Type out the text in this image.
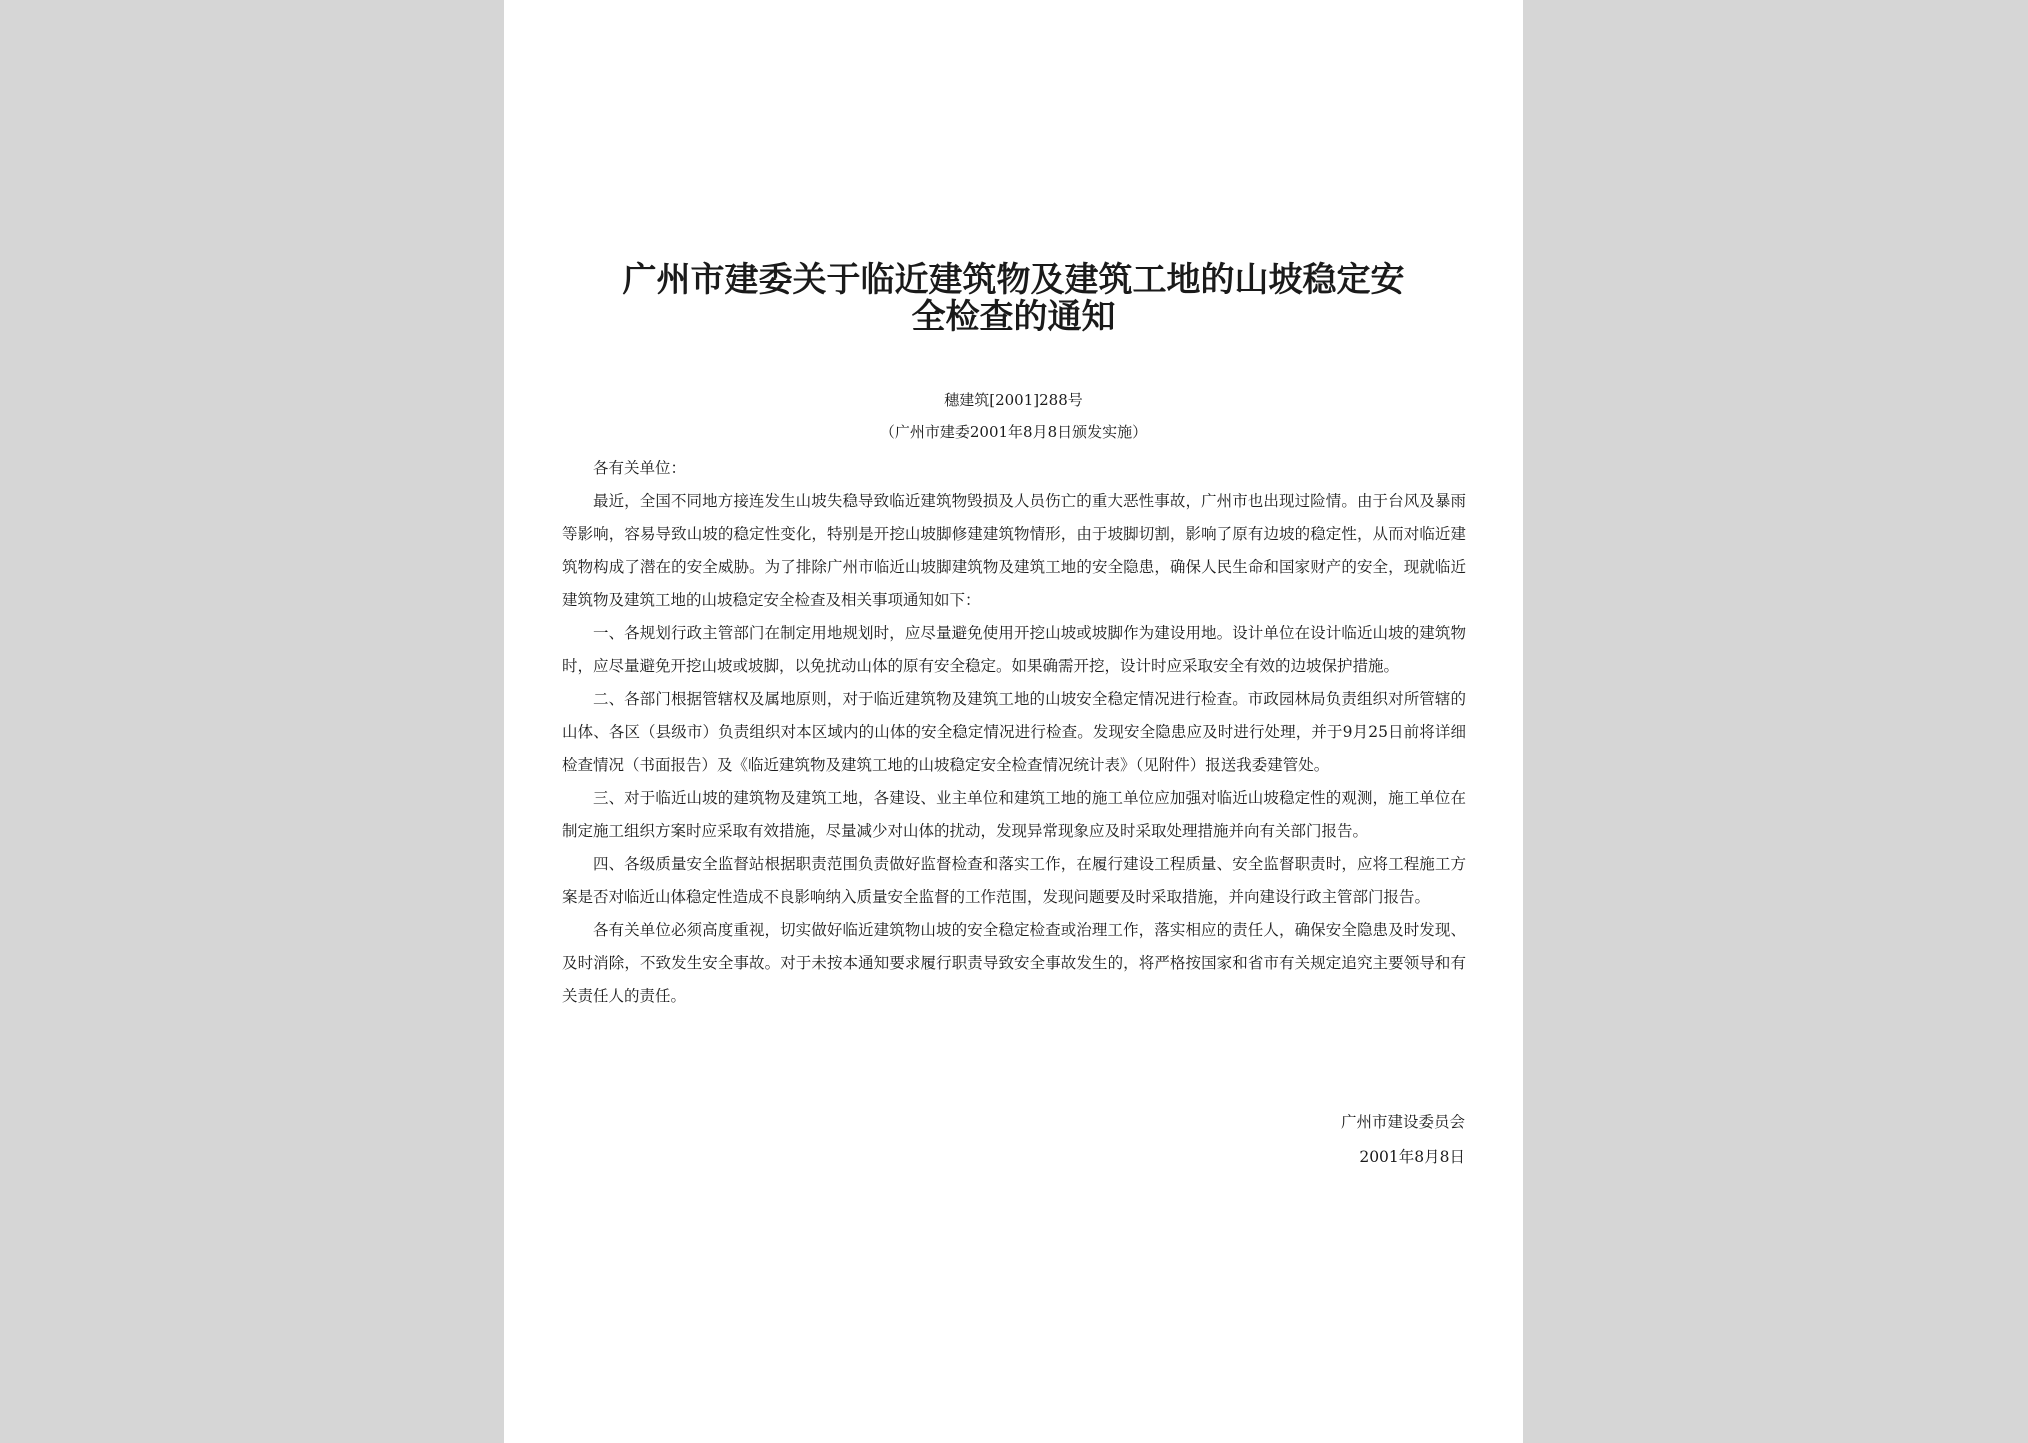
广州市建委关于临近建筑物及建筑工地的山坡稳定安
全检查的通知
穗建筑[2001]288号
（广州市建委2001年8月8日颁发实施）

各有关单位：

最近，全国不同地方接连发生山坡失稳导致临近建筑物毁损及人员伤亡的重大恶性事故，广州市也出现过险情。由于台风及暴雨等影响，容易导致山坡的稳定性变化，特别是开挖山坡脚修建建筑物情形，由于坡脚切割，影响了原有边坡的稳定性，从而对临近建筑物构成了潜在的安全威胁。为了排除广州市临近山坡脚建筑物及建筑工地的安全隐患，确保人民生命和国家财产的安全，现就临近建筑物及建筑工地的山坡稳定安全检查及相关事项通知如下：

一、各规划行政主管部门在制定用地规划时，应尽量避免使用开挖山坡或坡脚作为建设用地。设计单位在设计临近山坡的建筑物时，应尽量避免开挖山坡或坡脚，以免扰动山体的原有安全稳定。如果确需开挖，设计时应采取安全有效的边坡保护措施。

二、各部门根据管辖权及属地原则，对于临近建筑物及建筑工地的山坡安全稳定情况进行检查。市政园林局负责组织对所管辖的山体、各区（县级市）负责组织对本区域内的山体的安全稳定情况进行检查。发现安全隐患应及时进行处理，并于9月25日前将详细检查情况（书面报告）及《临近建筑物及建筑工地的山坡稳定安全检查情况统计表》（见附件）报送我委建管处。

三、对于临近山坡的建筑物及建筑工地，各建设、业主单位和建筑工地的施工单位应加强对临近山坡稳定性的观测，施工单位在制定施工组织方案时应采取有效措施，尽量减少对山体的扰动，发现异常现象应及时采取处理措施并向有关部门报告。

四、各级质量安全监督站根据职责范围负责做好监督检查和落实工作，在履行建设工程质量、安全监督职责时，应将工程施工方案是否对临近山体稳定性造成不良影响纳入质量安全监督的工作范围，发现问题要及时采取措施，并向建设行政主管部门报告。

各有关单位必须高度重视，切实做好临近建筑物山坡的安全稳定检查或治理工作，落实相应的责任人，确保安全隐患及时发现、及时消除，不致发生安全事故。对于未按本通知要求履行职责导致安全事故发生的，将严格按国家和省市有关规定追究主要领导和有关责任人的责任。

广州市建设委员会
2001年8月8日
